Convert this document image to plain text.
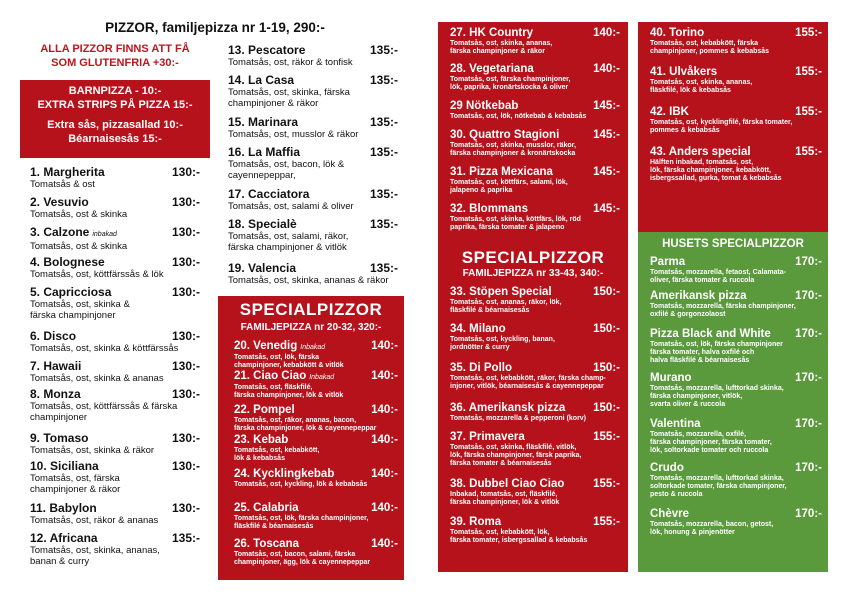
PIZZOR, familjepizza nr 1-19, 290:-
ALLA PIZZOR FINNS ATT FÅ
SOM GLUTENFRIA +30:-
BARNPIZZA - 10:-
EXTRA STRIPS PÅ PIZZA 15:-
Extra sås, pizzasallad 10:-
Béarnaisesås 15:-
1. Margherita	130:-
Tomatsås & ost
2. Vesuvio	130:-
Tomatsås, ost & skinka
3. Calzone inbakad	130:-
Tomatsås, ost & skinka
4. Bolognese	130:-
Tomatsås, ost, köttfärssås & lök
5. Capricciosa	130:-
Tomatsås, ost, skinka &
färska champinjoner
6. Disco	130:-
Tomatsås, ost, skinka & köttfärssås
7. Hawaii	130:-
Tomatsås, ost, skinka & ananas
8. Monza	130:-
Tomatsås, ost, köttfärssås & färska
champinjoner
9. Tomaso	130:-
Tomatsås, ost, skinka & räkor
10. Siciliana	130:-
Tomatsås, ost, färska
champinjoner & räkor
11. Babylon	130:-
Tomatsås, ost, räkor & ananas
12. Africana	135:-
Tomatsås, ost, skinka, ananas,
banan & curry
13. Pescatore	135:-
Tomatsås, ost, räkor & tonfisk
14. La Casa	135:-
Tomatsås, ost, skinka, färska
champinjoner & räkor
15. Marinara	135:-
Tomatsås, ost, musslor & räkor
16. La Maffia	135:-
Tomatsås, ost, bacon, lök &
cayennepeppar,
17. Cacciatora	135:-
Tomatsås, ost, salami & oliver
18. Specialè	135:-
Tomatsås, ost, salami, räkor,
färska champinjoner & vitlök
19. Valencia	135:-
Tomatsås, ost, skinka, ananas & räkor
SPECIALPIZZOR
FAMILJEPIZZA nr 20-32, 320:-
20. Venedig Inbakad	140:-
Tomatsås, ost, lök, färska
champinjoner, kebabkött & vitlök
21. Ciao Ciao Inbakad	140:-
Tomatsås, ost, fläskfilé,
färska champinjoner, lök & vitlök
22. Pompel	140:-
Tomatsås, ost, räkor, ananas, bacon,
färska champinjoner, lök & cayennepeppar
23. Kebab	140:-
Tomatsås, ost, kebabkött,
lök & kebabsås
24. Kycklingkebab	140:-
Tomatsås, ost, kyckling, lök & kebabsås
25. Calabria	140:-
Tomatsås, ost, lök, färska champinjoner,
fläskfilé & béarnaisesås
26. Toscana	140:-
Tomatsås, ost, bacon, salami, färska
champinjoner, ägg, lök & cayennepeppar
SPECIALPIZZOR
FAMILJEPIZZA nr 33-43, 340:-
27. HK Country	140:-
Tomatsås, ost, skinka, ananas,
färska champinjoner & räkor
28. Vegetariana	140:-
Tomatsås, ost, färska champinjoner,
lök, paprika, kronärtskocka & oliver
29 Nötkebab	145:-
Tomatsås, ost, lök, nötkebab & kebabsås
30. Quattro Stagioni	145:-
Tomatsås, ost, skinka, musslor, räkor,
färska champinjoner & kronärtskocka
31. Pizza Mexicana	145:-
Tomatsås, ost, köttfärs, salami, lök,
jalapeno & paprika
32. Blommans	145:-
Tomatsås, ost, skinka, köttfärs, lök, röd
paprika, färska tomater & jalapeno
33. Stöpen Special	150:-
Tomatsås, ost, ananas, räkor, lök,
fläskfilé & béarnaisesås
34. Milano	150:-
Tomatsås, ost, kyckling, banan,
jordnötter & curry
35. Di Pollo	150:-
Tomatsås, ost, kebabkött, räkor, färska champ-
injoner, vitlök, béarnaisesås & cayennepeppar
36. Amerikansk pizza 150:-
Tomatsås, mozzarella & pepperoni (korv)
37. Primavera	155:-
Tomatsås, ost, skinka, fläskfilé, vitlök,
lök, färska champinjoner, färsk paprika,
färska tomater & béarnaisesås
38. Dubbel Ciao Ciao	155:-
Inbakad, tomatsås, ost, fläskfilé,
färska champinjoner, lök & vitlök
39. Roma	155:-
Tomatsås, ost, kebabkött, lök,
färska tomater, isbergssallad & kebabsås
40. Torino	155:-
Tomatsås, ost, kebabkött, färska
champinjoner, pommes & kebabsås
41. Ulvåkers	155:-
Tomatsås, ost, skinka, ananas,
fläskfilé, lök & kebabsås
42. IBK	155:-
Tomatsås, ost, kycklingfilé, färska tomater,
pommes & kebabsås
43. Anders special	155:-
Hälften inbakad, tomatsås, ost,
lök, färska champinjoner, kebabkött,
isbergssallad, gurka, tomat & kebabsås
HUSETS SPECIALPIZZOR
Parma	170:-
Tomatsås, mozzarella, fetaost, Calamata-
oliver, färska tomater & ruccola
Amerikansk pizza	170:-
Tomatsås, mozzarella, färska champinjoner,
oxfilé & gorgonzolaost
Pizza Black and White 170:-
Tomatsås, ost, lök, färska champinjoner
färska tomater, halva oxfilé och
halva fläskfilé & béarnaisesås
Murano	170:-
Tomatsås, mozzarella, lufttorkad skinka,
färska champinjoner, vitlök,
svarta oliver & ruccola
Valentina	170:-
Tomatsås, mozzarella, oxfilé,
färska champinjoner, färska tomater,
lök, soltorkade tomater och ruccola
Crudo	170:-
Tomatsås, mozzarella, lufttorkad skinka,
soltorkade tomater, färska champinjoner,
pesto & ruccola
Chèvre	170:-
Tomatsås, mozzarella, bacon, getost,
lök, honung & pinjenötter
